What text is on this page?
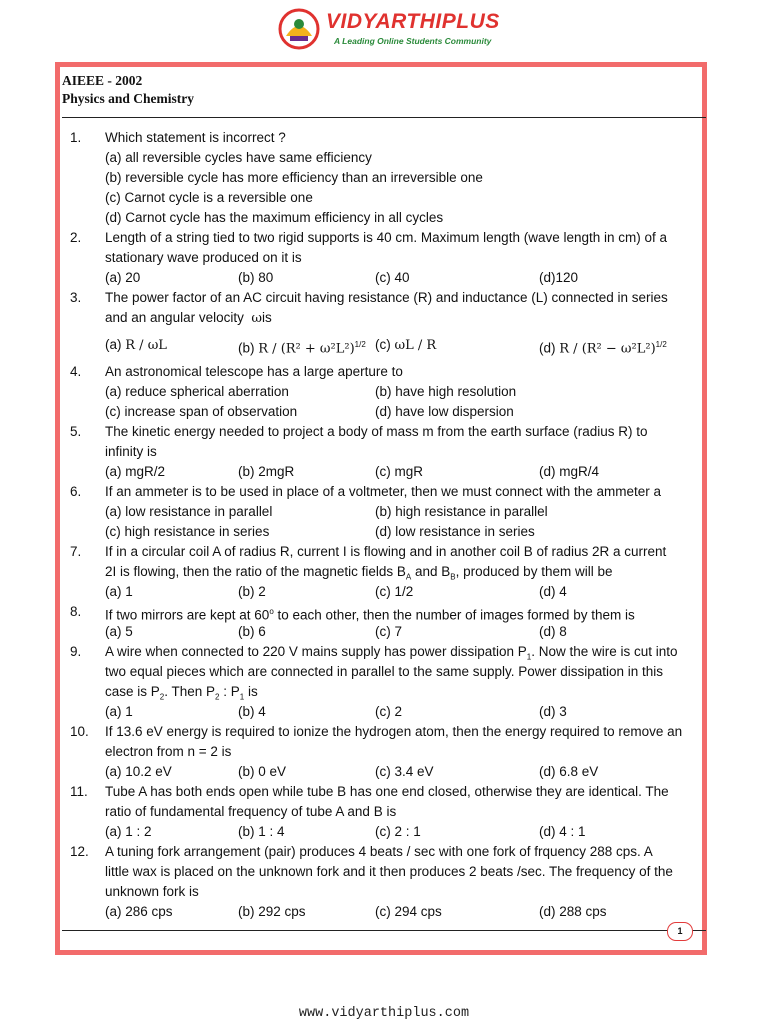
VIDYARTHIPLUS
A Leading Online Students Community
AIEEE - 2002
Physics and Chemistry
1. Which statement is incorrect ?
(a) all reversible cycles have same efficiency
(b) reversible cycle has more efficiency than an irreversible one
(c) Carnot cycle is a reversible one
(d) Carnot cycle has the maximum efficiency in all cycles
2. Length of a string tied to two rigid supports is 40 cm. Maximum length (wave length in cm) of a
stationary wave produced on it is
(a) 20	(b) 80	(c) 40	(d)120
3. The power factor of an AC circuit having resistance (R) and inductance (L) connected in series
and an angular velocity ωis
(a) R / ωL	(b) $R / (R^2 + \omega^2L^2)^{1/2}$ (c) ωL / R	(d) $R / (R^2 - \omega^2L^2)^{1/2}$
4. An astronomical telescope has a large aperture to
(a) reduce spherical aberration	(b) have high resolution
(c) increase span of observation	(d) have low dispersion
5. The kinetic energy needed to project a body of mass m from the earth surface (radius R) to
infinity is
(a) mgR/2	(b) 2mgR	(c) mgR	(d) mgR/4
6. If an ammeter is to be used in place of a voltmeter, then we must connect with the ammeter a
(a) low resistance in parallel	(b) high resistance in parallel
(c) high resistance in series	(d) low resistance in series
7. If in a circular coil A of radius R, current I is flowing and in another coil B of radius 2R a current
2I is flowing, then the ratio of the magnetic fields $B_A$ and $B_B$, produced by them will be
(a) 1	(b) 2	(c) 1/2	(d) 4
8. If two mirrors are kept at 60$^o$ to each other, then the number of images formed by them is
(a) 5	(b) 6	(c) 7	(d) 8
9. A wire when connected to 220 V mains supply has power dissipation $P_1$. Now the wire is cut into
two equal pieces which are connected in parallel to the same supply. Power dissipation in this
case is $P_2$. Then $P_2$ : $P_1$ is
(a) 1	(b) 4	(c) 2	(d) 3
10. If 13.6 eV energy is required to ionize the hydrogen atom, then the energy required to remove an
electron from n = 2 is
(a) 10.2 eV	(b) 0 eV	(c) 3.4 eV	(d) 6.8 eV
11. Tube A has both ends open while tube B has one end closed, otherwise they are identical. The
ratio of fundamental frequency of tube A and B is
(a) 1 : 2	(b) 1 : 4	(c) 2 : 1	(d) 4 : 1
12. A tuning fork arrangement (pair) produces 4 beats / sec with one fork of frquency 288 cps. A
little wax is placed on the unknown fork and it then produces 2 beats /sec. The frequency of the
unknown fork is
(a) 286 cps	(b) 292 cps	(c) 294 cps	(d) 288 cps
1
www.vidyarthiplus.com
